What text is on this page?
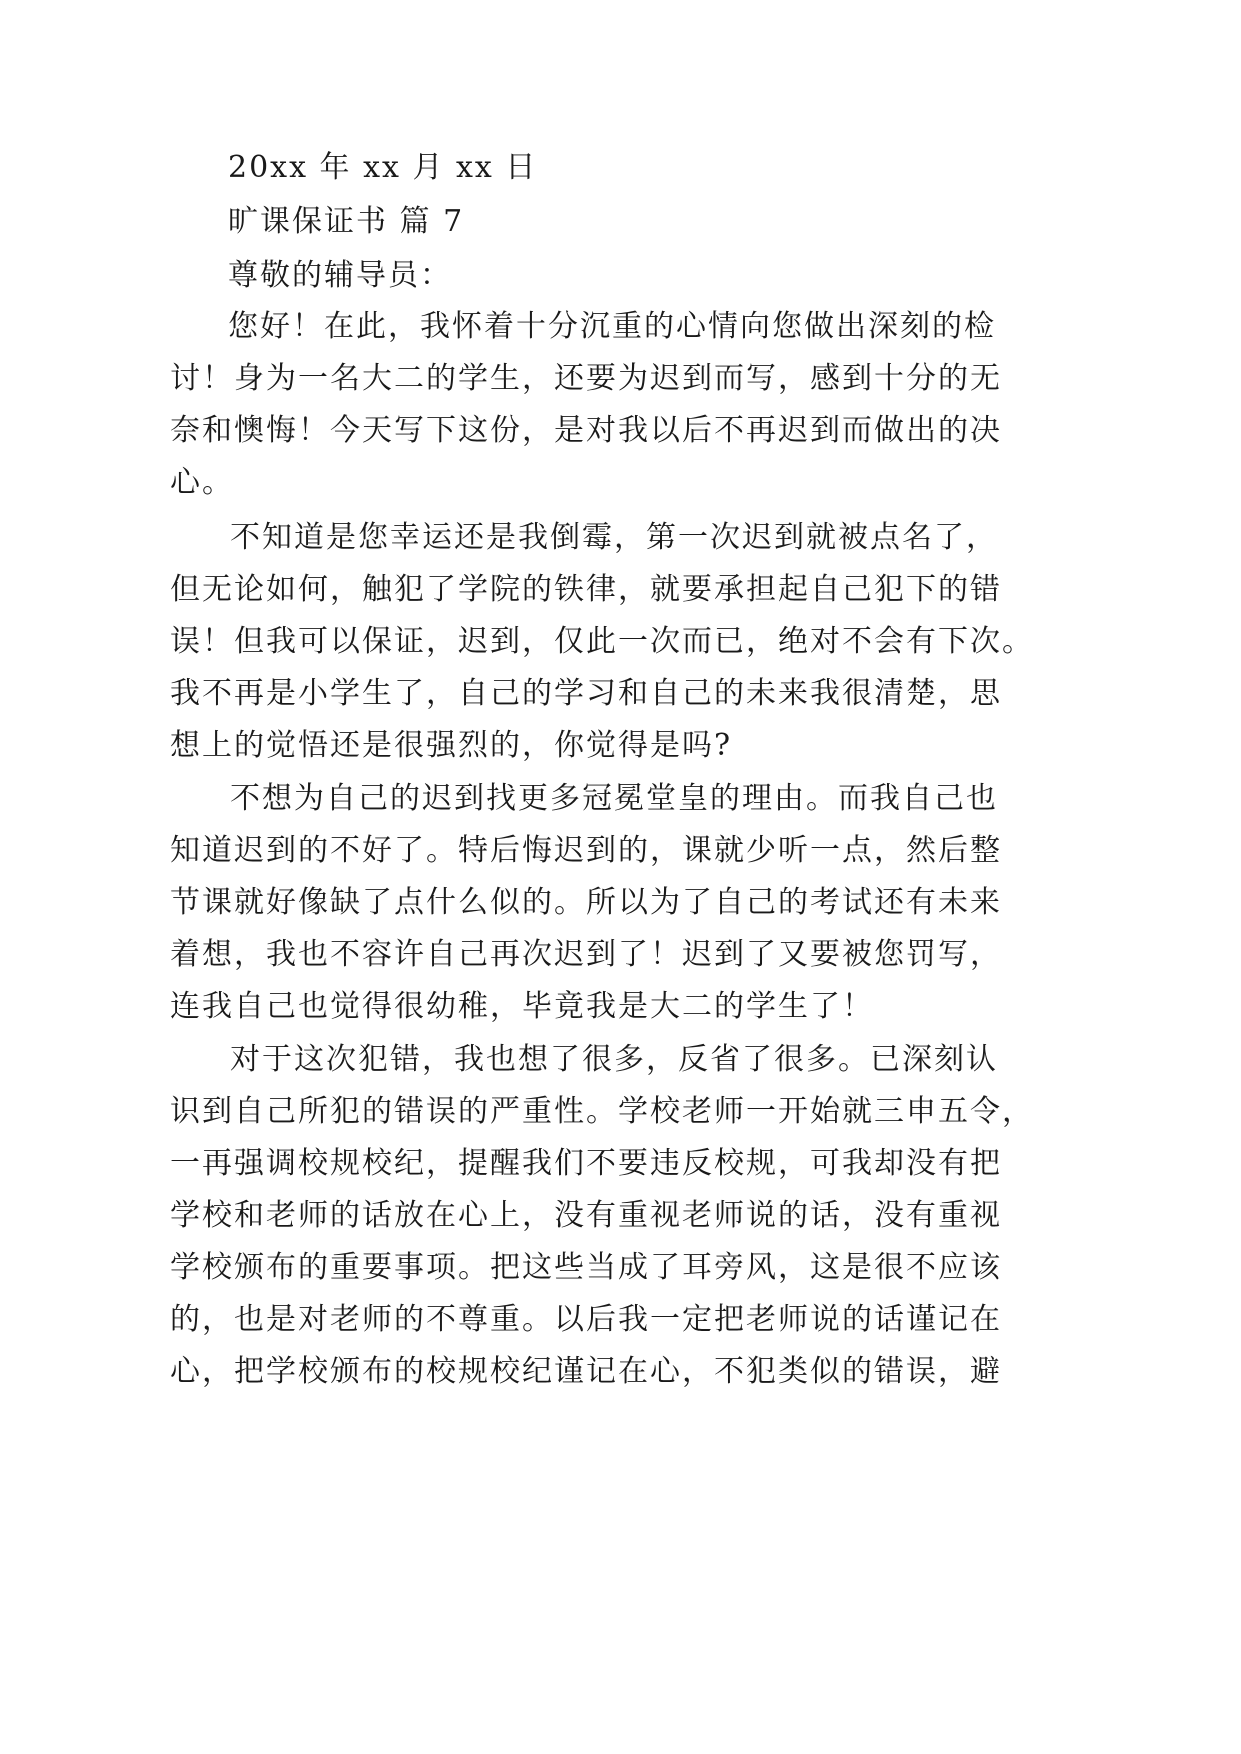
20xx 年 xx 月 xx 日
旷课保证书 篇 7
尊敬的辅导员：
您好！在此，我怀着十分沉重的心情向您做出深刻的检
讨！身为一名大二的学生，还要为迟到而写，感到十分的无
奈和懊悔！今天写下这份，是对我以后不再迟到而做出的决
心。
不知道是您幸运还是我倒霉，第一次迟到就被点名了，
但无论如何，触犯了学院的铁律，就要承担起自己犯下的错
误！但我可以保证，迟到，仅此一次而已，绝对不会有下次。
我不再是小学生了，自己的学习和自己的未来我很清楚，思
想上的觉悟还是很强烈的，你觉得是吗?
不想为自己的迟到找更多冠冕堂皇的理由。而我自己也
知道迟到的不好了。特后悔迟到的，课就少听一点，然后整
节课就好像缺了点什么似的。所以为了自己的考试还有未来
着想，我也不容许自己再次迟到了！迟到了又要被您罚写，
连我自己也觉得很幼稚，毕竟我是大二的学生了！
对于这次犯错，我也想了很多，反省了很多。已深刻认
识到自己所犯的错误的严重性。学校老师一开始就三申五令，
一再强调校规校纪，提醒我们不要违反校规，可我却没有把
学校和老师的话放在心上，没有重视老师说的话，没有重视
学校颁布的重要事项。把这些当成了耳旁风，这是很不应该
的，也是对老师的不尊重。以后我一定把老师说的话谨记在
心，把学校颁布的校规校纪谨记在心，不犯类似的错误，避
